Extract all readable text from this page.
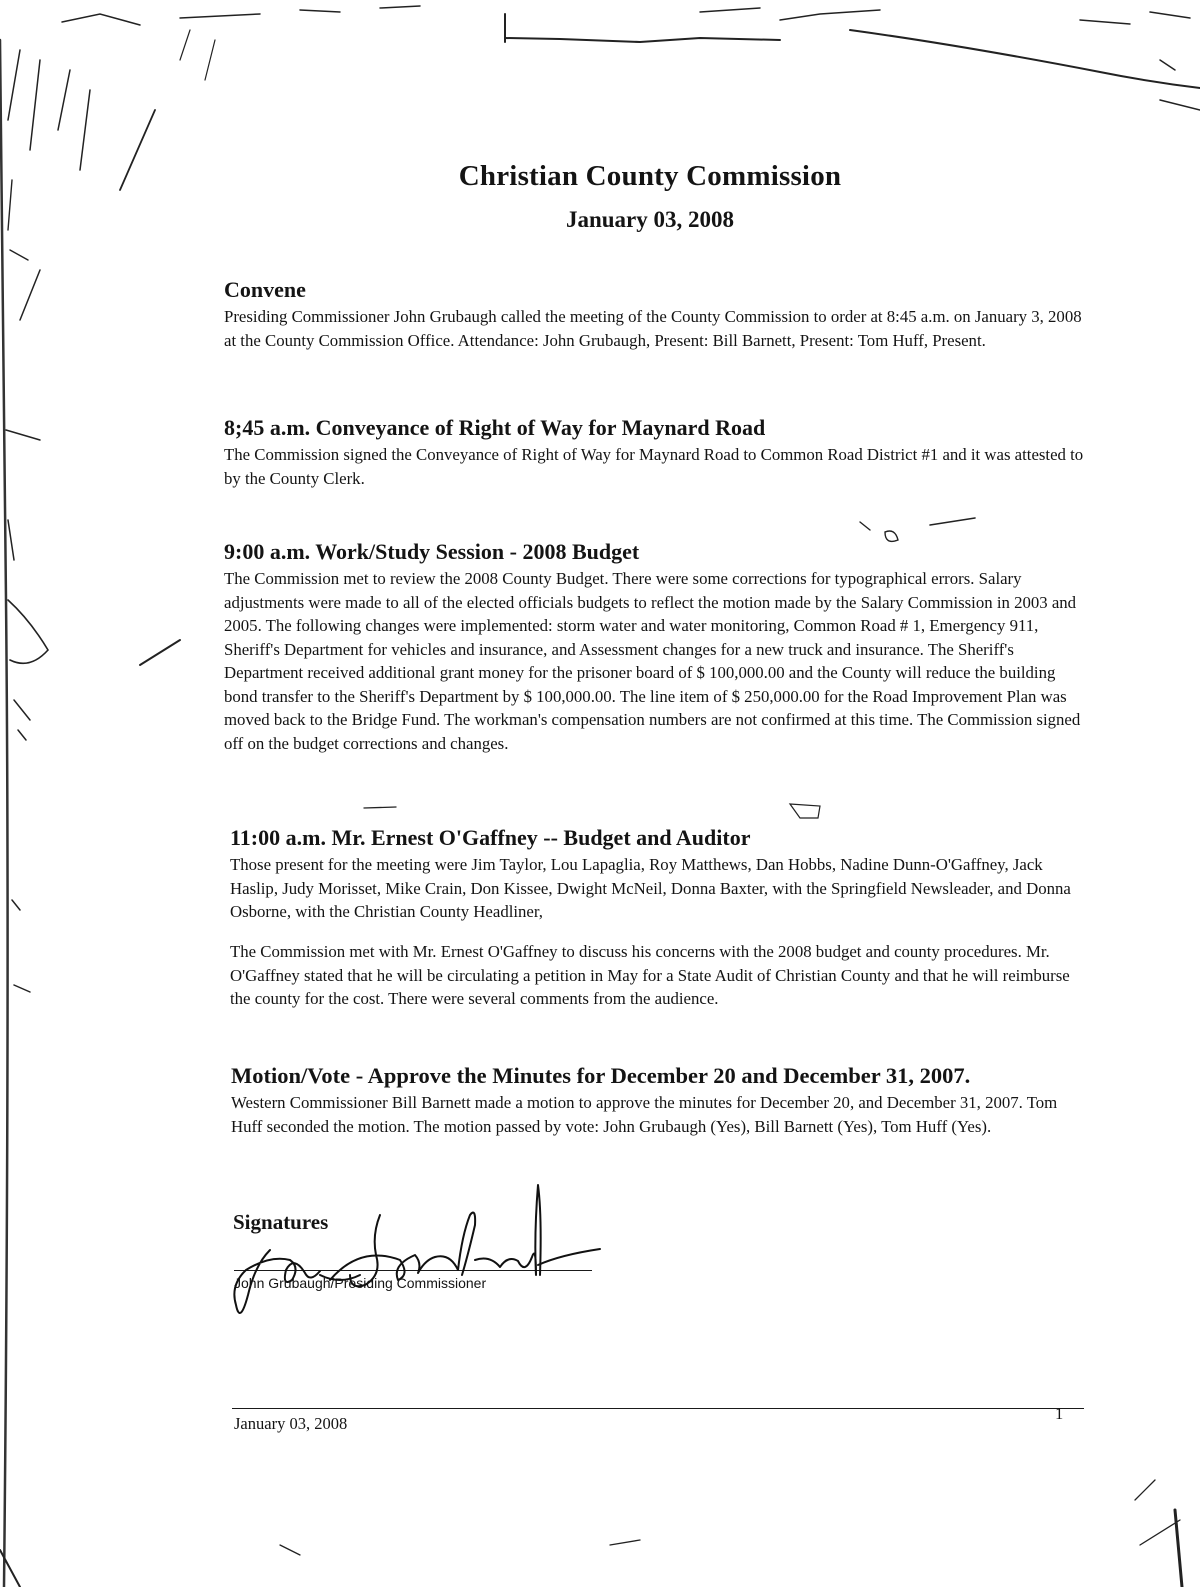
Christian County Commission
January 03, 2008
Convene

Presiding Commissioner John Grubaugh called the meeting of the County Commission to order at 8:45 a.m. on January 3, 2008 at the County Commission Office. Attendance: John Grubaugh, Present: Bill Barnett, Present: Tom Huff, Present.

8;45 a.m. Conveyance of Right of Way for Maynard Road

The Commission signed the Conveyance of Right of Way for Maynard Road to Common Road District #1 and it was attested to by the County Clerk.

9:00 a.m. Work/Study Session - 2008 Budget

The Commission met to review the 2008 County Budget. There were some corrections for typographical errors. Salary adjustments were made to all of the elected officials budgets to reflect the motion made by the Salary Commission in 2003 and 2005. The following changes were implemented: storm water and water monitoring, Common Road # 1, Emergency 911, Sheriff's Department for vehicles and insurance, and Assessment changes for a new truck and insurance. The Sheriff's Department received additional grant money for the prisoner board of $ 100,000.00 and the County will reduce the building bond transfer to the Sheriff's Department by $ 100,000.00. The line item of $ 250,000.00 for the Road Improvement Plan was moved back to the Bridge Fund. The workman's compensation numbers are not confirmed at this time. The Commission signed off on the budget corrections and changes.

11:00 a.m. Mr. Ernest O'Gaffney -- Budget and Auditor

Those present for the meeting were Jim Taylor, Lou Lapaglia, Roy Matthews, Dan Hobbs, Nadine Dunn-O'Gaffney, Jack Haslip, Judy Morisset, Mike Crain, Don Kissee, Dwight McNeil, Donna Baxter, with the Springfield Newsleader, and Donna Osborne, with the Christian County Headliner,

The Commission met with Mr. Ernest O'Gaffney to discuss his concerns with the 2008 budget and county procedures. Mr. O'Gaffney stated that he will be circulating a petition in May for a State Audit of Christian County and that he will reimburse the county for the cost. There were several comments from the audience.

Motion/Vote - Approve the Minutes for December 20 and December 31, 2007.

Western Commissioner Bill Barnett made a motion to approve the minutes for December 20, and December 31, 2007. Tom Huff seconded the motion. The motion passed by vote: John Grubaugh (Yes), Bill Barnett (Yes), Tom Huff (Yes).

Signatures
John Grubaugh/Presiding Commissioner
January 03, 2008
1
